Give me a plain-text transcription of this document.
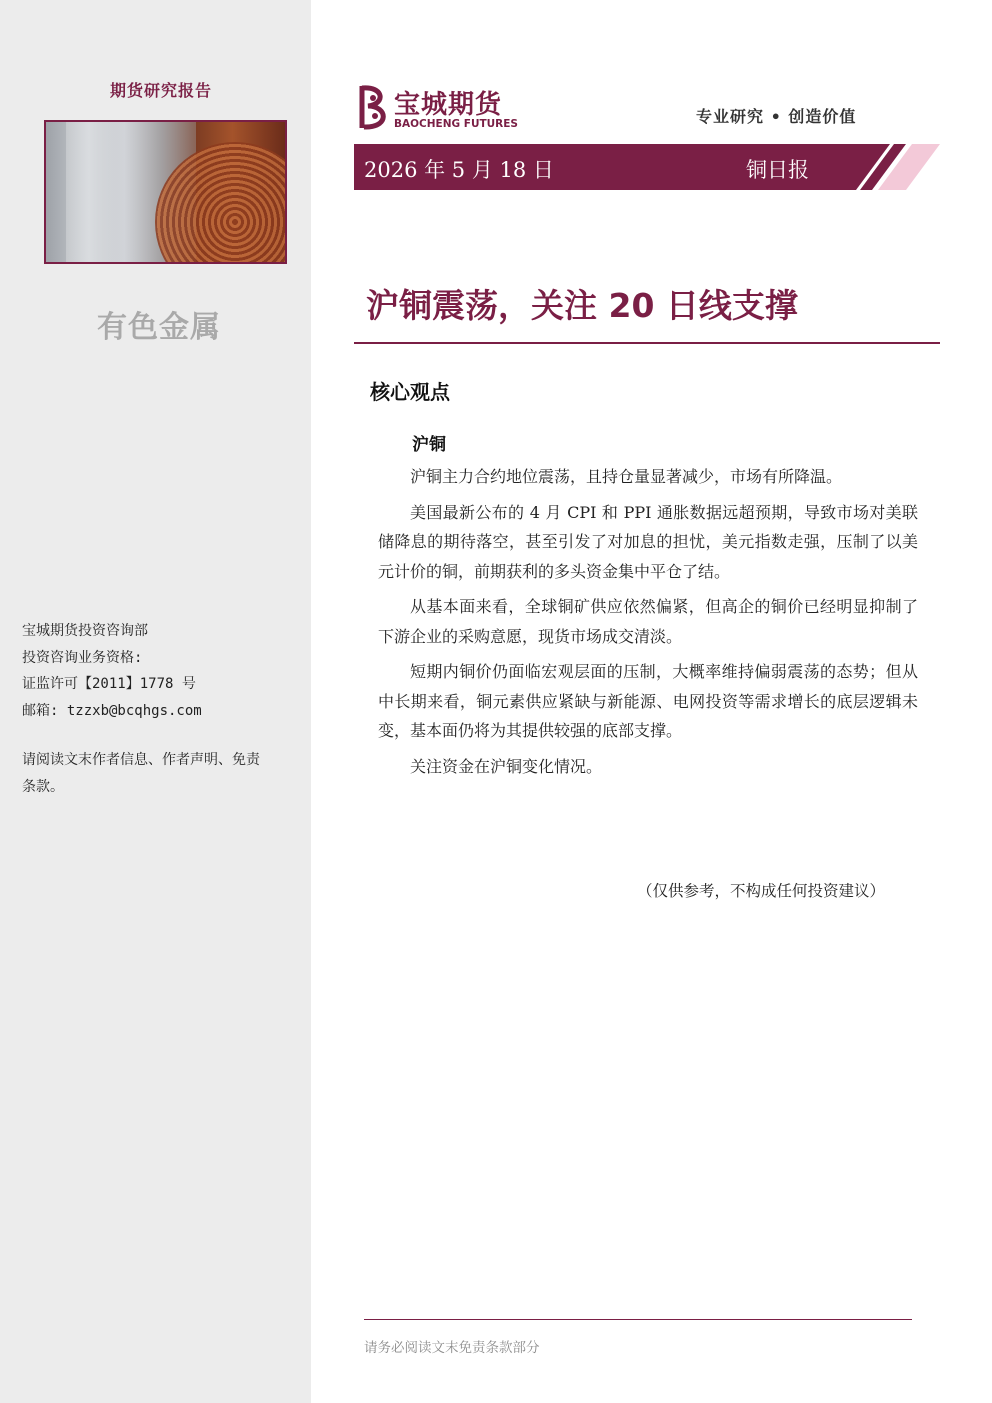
期货研究报告
有色金属
宝城期货投资咨询部
投资咨询业务资格:
证监许可【2011】1778 号
邮箱: tzzxb@bcqhgs.com
请阅读文末作者信息、作者声明、免责条款。
宝城期货
BAOCHENG FUTURES	专业研究 • 创造价值
2026 年 5 月 18 日	铜日报
沪铜震荡，关注 20 日线支撑
核心观点
沪铜

沪铜主力合约地位震荡，且持仓量显著减少，市场有所降温。

美国最新公布的 4 月 CPI 和 PPI 通胀数据远超预期，导致市场对美联储降息的期待落空，甚至引发了对加息的担忧，美元指数走强，压制了以美元计价的铜，前期获利的多头资金集中平仓了结。

从基本面来看，全球铜矿供应依然偏紧，但高企的铜价已经明显抑制了下游企业的采购意愿，现货市场成交清淡。

短期内铜价仍面临宏观层面的压制，大概率维持偏弱震荡的态势；但从中长期来看，铜元素供应紧缺与新能源、电网投资等需求增长的底层逻辑未变，基本面仍将为其提供较强的底部支撑。

关注资金在沪铜变化情况。

（仅供参考，不构成任何投资建议）
请务必阅读文末免责条款部分
